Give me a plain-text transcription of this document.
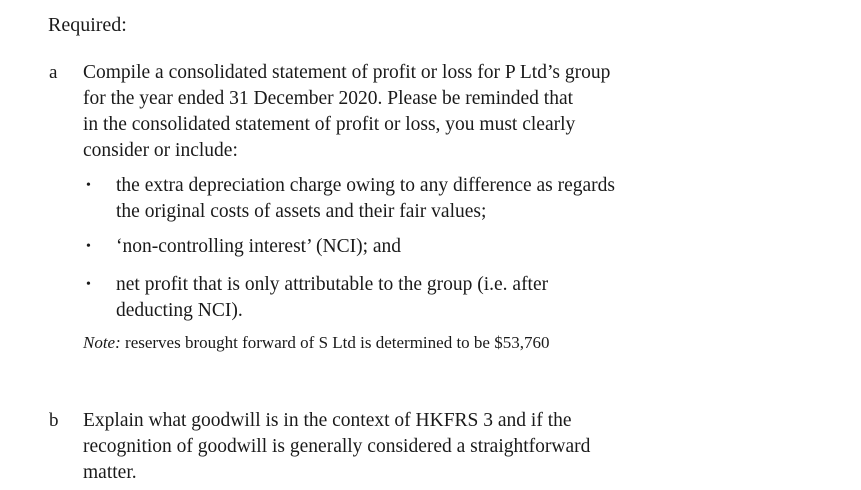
Required:
a Compile a consolidated statement of profit or loss for P Ltd’s group
for the year ended 31 December 2020. Please be reminded that
in the consolidated statement of profit or loss, you must clearly
consider or include:
• the extra depreciation charge owing to any difference as regards
the original costs of assets and their fair values;
• ‘non-controlling interest’ (NCI); and
• net profit that is only attributable to the group (i.e. after
deducting NCI).
Note: reserves brought forward of S Ltd is determined to be $53,760
b Explain what goodwill is in the context of HKFRS 3 and if the
recognition of goodwill is generally considered a straightforward
matter.
